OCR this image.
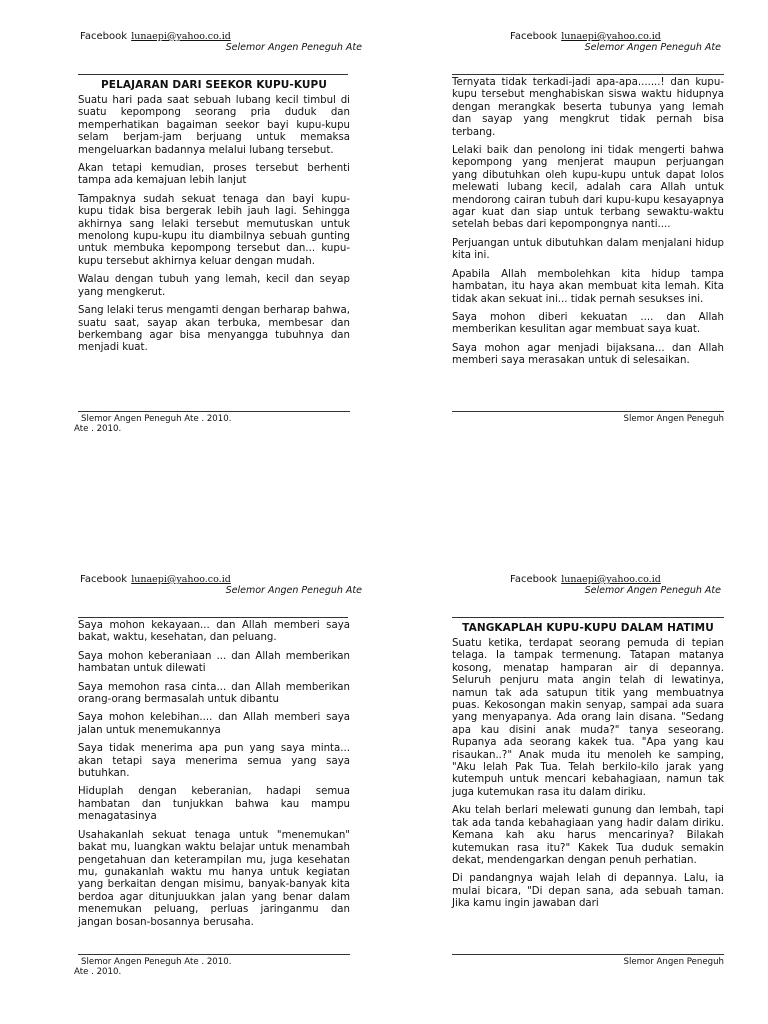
Facebook lunaepi@yahoo.co.id
Selemor Angen Peneguh Ate
PELAJARAN DARI SEEKOR KUPU-KUPU

Suatu hari pada saat sebuah lubang kecil timbul di suatu kepompong seorang pria duduk dan memperhatikan bagaiman seekor bayi kupu-kupu selam berjam-jam berjuang untuk memaksa mengeluarkan badannya melalui lubang tersebut.

Akan tetapi kemudian, proses tersebut berhenti tampa ada kemajuan lebih lanjut

Tampaknya sudah sekuat tenaga dan bayi kupu-kupu tidak bisa bergerak lebih jauh lagi. Sehingga akhirnya sang lelaki tersebut memutuskan untuk menolong kupu-kupu itu diambilnya sebuah gunting untuk membuka kepompong tersebut dan... kupu-kupu tersebut akhirnya keluar dengan mudah.

Walau dengan tubuh yang lemah, kecil dan seyap yang mengkerut.

Sang lelaki terus mengamti dengan berharap bahwa, suatu saat, sayap akan terbuka, membesar dan berkembang agar bisa menyangga tubuhnya dan menjadi kuat.

Facebook lunaepi@yahoo.co.id
Selemor Angen Peneguh Ate

Ternyata tidak terkadi-jadi apa-apa.......! dan kupu-kupu tersebut menghabiskan siswa waktu hidupnya dengan merangkak beserta tubunya yang lemah dan sayap yang mengkrut tidak pernah bisa terbang.

Lelaki baik dan penolong ini tidak mengerti bahwa kepompong yang menjerat maupun perjuangan yang dibutuhkan oleh kupu-kupu untuk dapat lolos melewati lubang kecil, adalah cara Allah untuk mendorong cairan tubuh dari kupu-kupu kesayapnya agar kuat dan siap untuk terbang sewaktu-waktu setelah bebas dari kepompongnya nanti....

Perjuangan untuk dibutuhkan dalam menjalani hidup kita ini.

Apabila Allah membolehkan kita hidup tampa hambatan, itu haya akan membuat kita lemah. Kita tidak akan sekuat ini... tidak pernah sesukses ini.

Saya mohon diberi kekuatan .... dan Allah memberikan kesulitan agar membuat saya kuat.

Saya mohon agar menjadi bijaksana... dan Allah memberi saya merasakan untuk di selesaikan.

Facebook lunaepi@yahoo.co.id
Selemor Angen Peneguh Ate

Saya mohon kekayaan... dan Allah memberi saya bakat, waktu, kesehatan, dan peluang.

Saya mohon keberaniaan ... dan Allah memberikan hambatan untuk dilewati

Saya memohon rasa cinta... dan Allah memberikan orang-orang bermasalah untuk dibantu

Saya mohon kelebihan.... dan Allah memberi saya jalan untuk menemukannya

Saya tidak menerima apa pun yang saya minta... akan tetapi saya menerima semua yang saya butuhkan.

Hiduplah dengan keberanian, hadapi semua hambatan dan tunjukkan bahwa kau mampu menagatasinya

Usahakanlah sekuat tenaga untuk "menemukan" bakat mu, luangkan waktu belajar untuk menambah pengetahuan dan keterampilan mu, juga kesehatan mu, gunakanlah waktu mu hanya untuk kegiatan yang berkaitan dengan misimu, banyak-banyak kita berdoa agar ditunjuukkan jalan yang benar dalam menemukan peluang, perluas jaringanmu dan jangan bosan-bosannya berusaha.

Facebook lunaepi@yahoo.co.id
Selemor Angen Peneguh Ate
TANGKAPLAH KUPU-KUPU DALAM HATIMU

Suatu ketika, terdapat seorang pemuda di tepian telaga. Ia tampak termenung. Tatapan matanya kosong, menatap hamparan air di depannya. Seluruh penjuru mata angin telah di lewatinya, namun tak ada satupun titik yang membuatnya puas. Kekosongan makin senyap, sampai ada suara yang menyapanya. Ada orang lain disana. "Sedang apa kau disini anak muda?" tanya seseorang. Rupanya ada seorang kakek tua. "Apa yang kau risaukan..?" Anak muda itu menoleh ke samping, "Aku lelah Pak Tua. Telah berkilo-kilo jarak yang kutempuh untuk mencari kebahagiaan, namun tak juga kutemukan rasa itu dalam diriku.

Aku telah berlari melewati gunung dan lembah, tapi tak ada tanda kebahagiaan yang hadir dalam diriku. Kemana kah aku harus mencarinya? Bilakah kutemukan rasa itu?" Kakek Tua duduk semakin dekat, mendengarkan dengan penuh perhatian.

Di pandangnya wajah lelah di depannya. Lalu, ia mulai bicara, "Di depan sana, ada sebuah taman. Jika kamu ingin jawaban dari

Slemor Angen Peneguh Ate . 2010.
Ate . 2010.
Slemor Angen Peneguh
Slemor Angen Peneguh Ate . 2010.
Ate . 2010.
Slemor Angen Peneguh
